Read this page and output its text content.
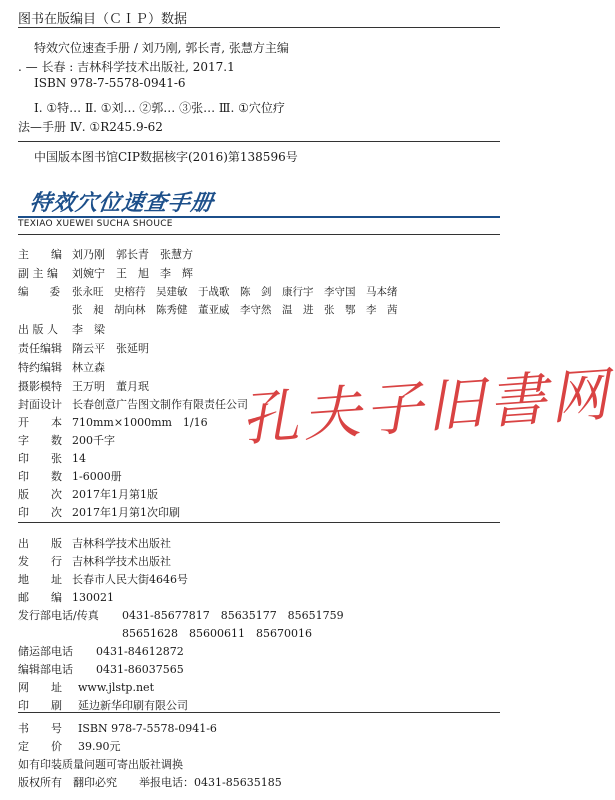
图书在版编目（ＣＩＰ）数据
特效穴位速查手册 / 刘乃刚, 郭长青, 张慧方主编
. — 长春 : 吉林科学技术出版社, 2017.1
ISBN 978-7-5578-0941-6
Ⅰ. ①特… Ⅱ. ①刘… ②郭… ③张… Ⅲ. ①穴位疗
法—手册 Ⅳ. ①R245.9-62
中国版本图书馆CIP数据核字(2016)第138596号
特效穴位速查手册
TEXIAO XUEWEI SUCHA SHOUCE
主　　编 刘乃刚　郭长青　张慧方
副 主 编 刘婉宁　王　旭　李　辉
编　　委 张永旺　史榕荇　吴建敏　于战歌　陈　剑　康行宇　李守国　马本绪
张　昶　胡向林　陈秀健　董亚威　李守然　温　进　张　鄂　李　茜
出 版 人 李　梁
责任编辑 隋云平　张延明
特约编辑 林立森
摄影模特 王万明　董月珉
封面设计 长春创意广告图文制作有限责任公司
开　　本 710mm×1000mm　1/16
字　　数 200千字
印　　张 14
印　　数 1-6000册
版　　次 2017年1月第1版
印　　次 2017年1月第1次印刷
出　　版 吉林科学技术出版社
发　　行 吉林科学技术出版社
地　　址 长春市人民大街4646号
邮　　编 130021
发行部电话/传真 0431-85677817　85635177　85651759
85651628　85600611　85670016
储运部电话 0431-84612872
编辑部电话 0431-86037565
网　　址 www.jlstp.net
印　　刷 延边新华印刷有限公司
书　　号 ISBN 978-7-5578-0941-6
定　　价 39.90元
如有印装质量问题可寄出版社调换
版权所有　翻印必究　　举报电话：0431-85635185
孔夫子旧書网
